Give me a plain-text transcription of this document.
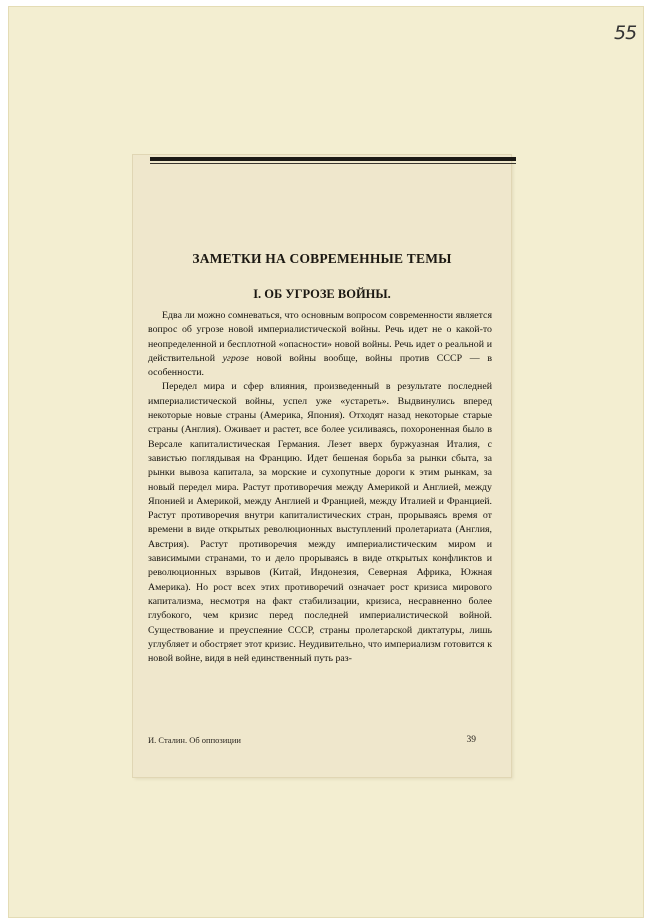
55
ЗАМЕТКИ НА СОВРЕМЕННЫЕ ТЕМЫ
I. ОБ УГРОЗЕ ВОЙНЫ.

Едва ли можно сомневаться, что основным вопросом современности является вопрос об угрозе новой империалистической войны. Речь идет не о какой-то неопределенной и бесплотной «опасности» новой войны. Речь идет о реальной и действительной угрозе новой войны вообще, войны против СССР — в особенности.

Передел мира и сфер влияния, произведенный в результате последней империалистической войны, успел уже «устареть». Выдвинулись вперед некоторые новые страны (Америка, Япония). Отходят назад некоторые старые страны (Англия). Оживает и растет, все более усиливаясь, похороненная было в Версале капиталистическая Германия. Лезет вверх буржуазная Италия, с завистью поглядывая на Францию. Идет бешеная борьба за рынки сбыта, за рынки вывоза капитала, за морские и сухопутные дороги к этим рынкам, за новый передел мира. Растут противоречия между Америкой и Англией, между Японией и Америкой, между Англией и Францией, между Италией и Францией. Растут противоречия внутри капиталистических стран, прорываясь время от времени в виде открытых революционных выступлений пролетариата (Англия, Австрия). Растут противоречия между империалистическим миром и зависимыми странами, то и дело прорываясь в виде открытых конфликтов и революционных взрывов (Китай, Индонезия, Северная Африка, Южная Америка). Но рост всех этих противоречий означает рост кризиса мирового капитализма, несмотря на факт стабилизации, кризиса, несравненно более глубокого, чем кризис перед последней империалистической войной. Существование и преуспеяние СССР, страны пролетарской диктатуры, лишь углубляет и обостряет этот кризис. Неудивительно, что империализм готовится к новой войне, видя в ней единственный путь раз-

И. Сталин. Об оппозиции	39
